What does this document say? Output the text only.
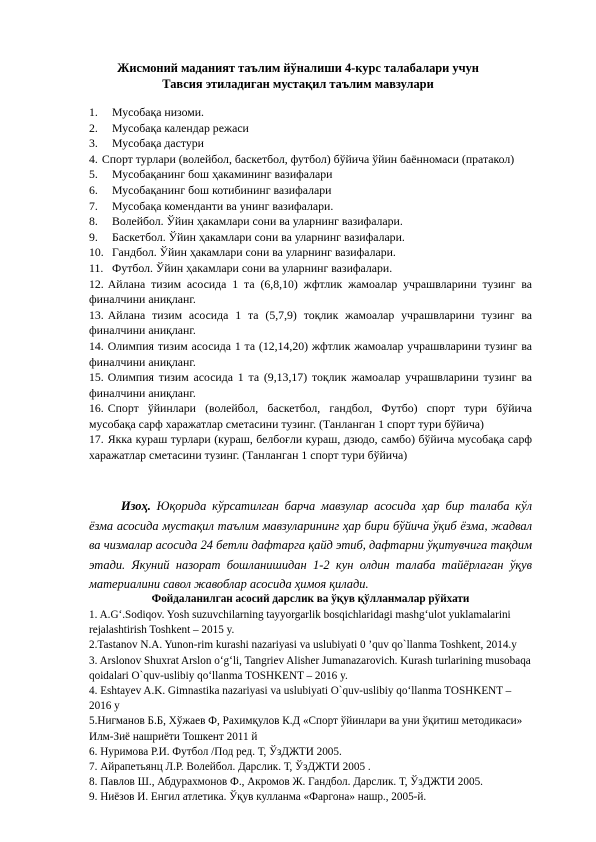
Жисмоний маданият таълим йўналиши 4-курс талабалари учун
Тавсия этиладиган мустақил таълим мавзулари
1. Мусобақа низоми.
2. Мусобақа календар режаси
3. Мусобақа дастури
4. Спорт турлари (волейбол, баскетбол, футбол) бўйича ўйин баённомаси (пратакол)
5. Мусобақанинг бош ҳакамининг вазифалари
6. Мусобақанинг бош котибининг вазифалари
7. Мусобақа коменданти ва унинг вазифалари.
8. Волейбол. Ўйин ҳакамлари сони ва уларнинг вазифалари.
9. Баскетбол. Ўйин ҳакамлари сони ва уларнинг вазифалари.
10. Гандбол. Ўйин ҳакамлари сони ва уларнинг вазифалари.
11. Футбол. Ўйин ҳакамлари сони ва уларнинг вазифалари.
12. Айлана тизим асосида 1 та (6,8,10) жфтлик жамоалар учрашвларини тузинг ва финалчини аниқланг.
13. Айлана тизим асосида 1 та (5,7,9) тоқлик жамоалар учрашвларини тузинг ва финалчини аниқланг.
14. Олимпия тизим асосида 1 та (12,14,20) жфтлик жамоалар учрашвларини тузинг ва финалчини аниқланг.
15. Олимпия тизим асосида 1 та (9,13,17) тоқлик жамоалар учрашвларини тузинг ва финалчини аниқланг.
16. Спорт ўйинлари (волейбол, баскетбол, гандбол, Футбо) спорт тури бўйича мусобақа сарф харажатлар сметасини тузинг. (Танланган 1 спорт тури бўйича)
17. Якка кураш турлари (кураш, белбоғли кураш, дзюдо, самбо) бўйича мусобақа сарф харажатлар сметасини тузинг. (Танланган 1 спорт тури бўйича)
Изоҳ. Юқорида кўрсатилган барча мавзулар асосида ҳар бир талаба кўл ёзма асосида мустақил таълим мавзуларининг ҳар бири бўйича ўқиб ёзма, жадвал ва чизмалар асосида 24 бетли дафтарга қайд этиб, дафтарни ўқитувчига тақдим этади. Якуний назорат бошланишидан 1-2 кун олдин талаба тайёрлаган ўқув материалини савол жавоблар асосида ҳимоя қилади.
Фойдаланилган асосий дарслик ва ўқув қўлланмалар рўйхати
1. A.G‘.Sodiqov. Yosh suzuvchilarning tayyorgarlik bosqichlaridagi mashg‘ulot yuklamalarini rejalashtirish Toshkent – 2015 y.
2.Tastanov N.A. Yunon-rim kurashi nazariyasi va uslubiyati 0 ’quv qo`llanma Toshkent, 2014.y
3. Arslonov Shuxrat Arslon o‘g‘li, Tangriev Alisher Jumanazarovich. Kurash turlarining musobaqa qoidalari O`quv-uslibiy qo‘llanma TOSHKENT – 2016 y.
4. Eshtayev A.K. Gimnastika nazariyasi va uslubiyati O`quv-uslibiy qo‘llanma TOSHKENT – 2016 y
5.Нигманов Б.Б, Хўжаев Ф, Рахимқулов К.Д «Спорт ўйинлари ва уни ўқитиш методикаси» Илм-Зиё нашриёти Тошкент 2011 й
6. Нуримова Р.И. Футбол /Под ред. Т, ЎзДЖТИ 2005.
7. Айрапетьянц Л.Р. Волейбол. Дарслик. Т, ЎзДЖТИ 2005 .
8. Павлов Ш., Абдурахмонов Ф., Акромов Ж. Гандбол. Дарслик. Т, ЎзДЖТИ 2005.
9. Ниёзов И. Енгил атлетика. Ўқув кулланма «Фаргона» нашр., 2005-й.
